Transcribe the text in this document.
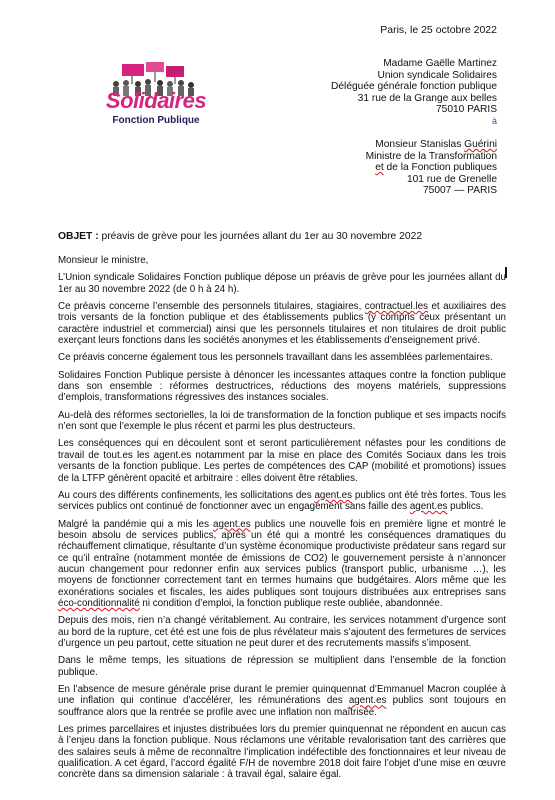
Paris, le 25 octobre 2022
Solidaires
Fonction Publique
Madame Gaëlle Martinez
Union syndicale Solidaires
Déléguée générale fonction publique
31 rue de la Grange aux belles
75010 PARIS
à
Monsieur Stanislas Guérini
Ministre de la Transformation
et de la Fonction publiques
101 rue de Grenelle
75007 — PARIS
OBJET : préavis de grève pour les journées allant du 1er au 30 novembre 2022

Monsieur le ministre,

L’Union syndicale Solidaires Fonction publique dépose un préavis de grève pour les journées allant du 1er au 30 novembre 2022 (de 0 h à 24 h).

Ce préavis concerne l’ensemble des personnels titulaires, stagiaires, contractuel.les et auxiliaires des trois versants de la fonction publique et des établissements publics (y compris ceux présentant un caractère industriel et commercial) ainsi que les personnels titulaires et non titulaires de droit public exerçant leurs fonctions dans les sociétés anonymes et les établissements d’enseignement privé.

Ce préavis concerne également tous les personnels travaillant dans les assemblées parlementaires.

Solidaires Fonction Publique persiste à dénoncer les incessantes attaques contre la fonction publique dans son ensemble : réformes destructrices, réductions des moyens matériels, suppressions d’emplois, transformations régressives des instances sociales.

Au-delà des réformes sectorielles, la loi de transformation de la fonction publique et ses impacts nocifs n’en sont que l’exemple le plus récent et parmi les plus destructeurs.

Les conséquences qui en découlent sont et seront particulièrement néfastes pour les conditions de travail de tout.es les agent.es notamment par la mise en place des Comités Sociaux dans les trois versants de la fonction publique. Les pertes de compétences des CAP (mobilité et promotions) issues de la LTFP génèrent opacité et arbitraire : elles doivent être rétablies.

Au cours des différents confinements, les sollicitations des agent.es publics ont été très fortes. Tous les services publics ont continué de fonctionner avec un engagement sans faille des agent.es publics.

Malgré la pandémie qui a mis les agent.es publics une nouvelle fois en première ligne et montré le besoin absolu de services publics, après un été qui a montré les conséquences dramatiques du réchauffement climatique, résultante d’un système économique productiviste prédateur sans regard sur ce qu’il entraîne (notamment montée de émissions de CO2) le gouvernement persiste à n’annoncer aucun changement pour redonner enfin aux services publics (transport public, urbanisme …), les moyens de fonctionner correctement tant en termes humains que budgétaires. Alors même que les exonérations sociales et fiscales, les aides publiques sont toujours distribuées aux entreprises sans éco-conditionnalité ni condition d’emploi, la fonction publique reste oubliée, abandonnée.

Depuis des mois, rien n’a changé véritablement. Au contraire, les services notamment d’urgence sont au bord de la rupture, cet été est une fois de plus révélateur mais s’ajoutent des fermetures de services d’urgence un peu partout, cette situation ne peut durer et des recrutements massifs s’imposent.

Dans le même temps, les situations de répression se multiplient dans l’ensemble de la fonction publique.

En l’absence de mesure générale prise durant le premier quinquennat d’Emmanuel Macron couplée à une inflation qui continue d’accélérer, les rémunérations des agent.es publics sont toujours en souffrance alors que la rentrée se profile avec une inflation non maîtrisée.

Les primes parcellaires et injustes distribuées lors du premier quinquennat ne répondent en aucun cas à l’enjeu dans la fonction publique. Nous réclamons une véritable revalorisation tant des carrières que des salaires seuls à même de reconnaître l’implication indéfectible des fonctionnaires et leur niveau de qualification. A cet égard, l’accord égalité F/H de novembre 2018 doit faire l’objet d’une mise en œuvre concrète dans sa dimension salariale : à travail égal, salaire égal.
